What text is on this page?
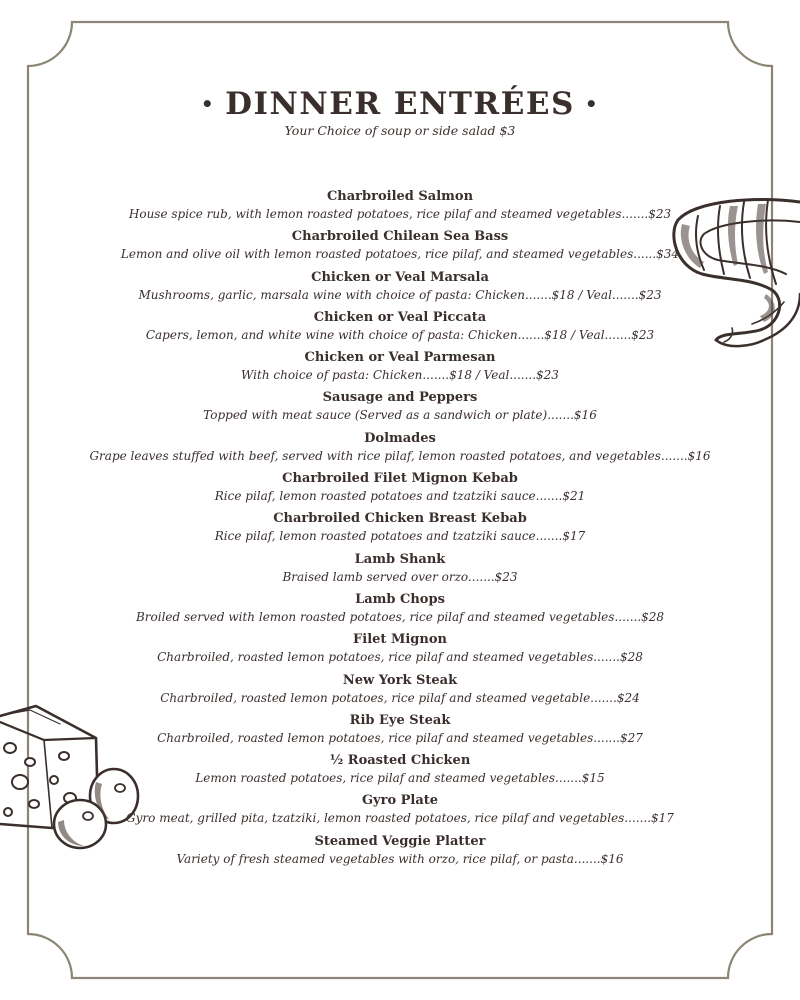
• DINNER ENTRÉES •
Your Choice of soup or side salad $3
Charbroiled Salmon
House spice rub, with lemon roasted potatoes, rice pilaf and steamed vegetables.......$23
Charbroiled Chilean Sea Bass
Lemon and olive oil with lemon roasted potatoes, rice pilaf, and steamed vegetables......$34
Chicken or Veal Marsala
Mushrooms, garlic, marsala wine with choice of pasta: Chicken.......$18 / Veal.......$23
Chicken or Veal Piccata
Capers, lemon, and white wine with choice of pasta: Chicken.......$18 / Veal.......$23
Chicken or Veal Parmesan
With choice of pasta: Chicken.......$18 / Veal.......$23
Sausage and Peppers
Topped with meat sauce (Served as a sandwich or plate).......$16
Dolmades
Grape leaves stuffed with beef, served with rice pilaf, lemon roasted potatoes, and vegetables.......$16
Charbroiled Filet Mignon Kebab
Rice pilaf, lemon roasted potatoes and tzatziki sauce.......$21
Charbroiled Chicken Breast Kebab
Rice pilaf, lemon roasted potatoes and tzatziki sauce.......$17
Lamb Shank
Braised lamb served over orzo.......$23
Lamb Chops
Broiled served with lemon roasted potatoes, rice pilaf and steamed vegetables.......$28
Filet Mignon
Charbroiled, roasted lemon potatoes, rice pilaf and steamed vegetables.......$28
New York Steak
Charbroiled, roasted lemon potatoes, rice pilaf and steamed vegetable.......$24
Rib Eye Steak
Charbroiled, roasted lemon potatoes, rice pilaf and steamed vegetables.......$27
½ Roasted Chicken
Lemon roasted potatoes, rice pilaf and steamed vegetables.......$15
Gyro Plate
Gyro meat, grilled pita, tzatziki, lemon roasted potatoes, rice pilaf and vegetables.......$17
Steamed Veggie Platter
Variety of fresh steamed vegetables with orzo, rice pilaf, or pasta.......$16
